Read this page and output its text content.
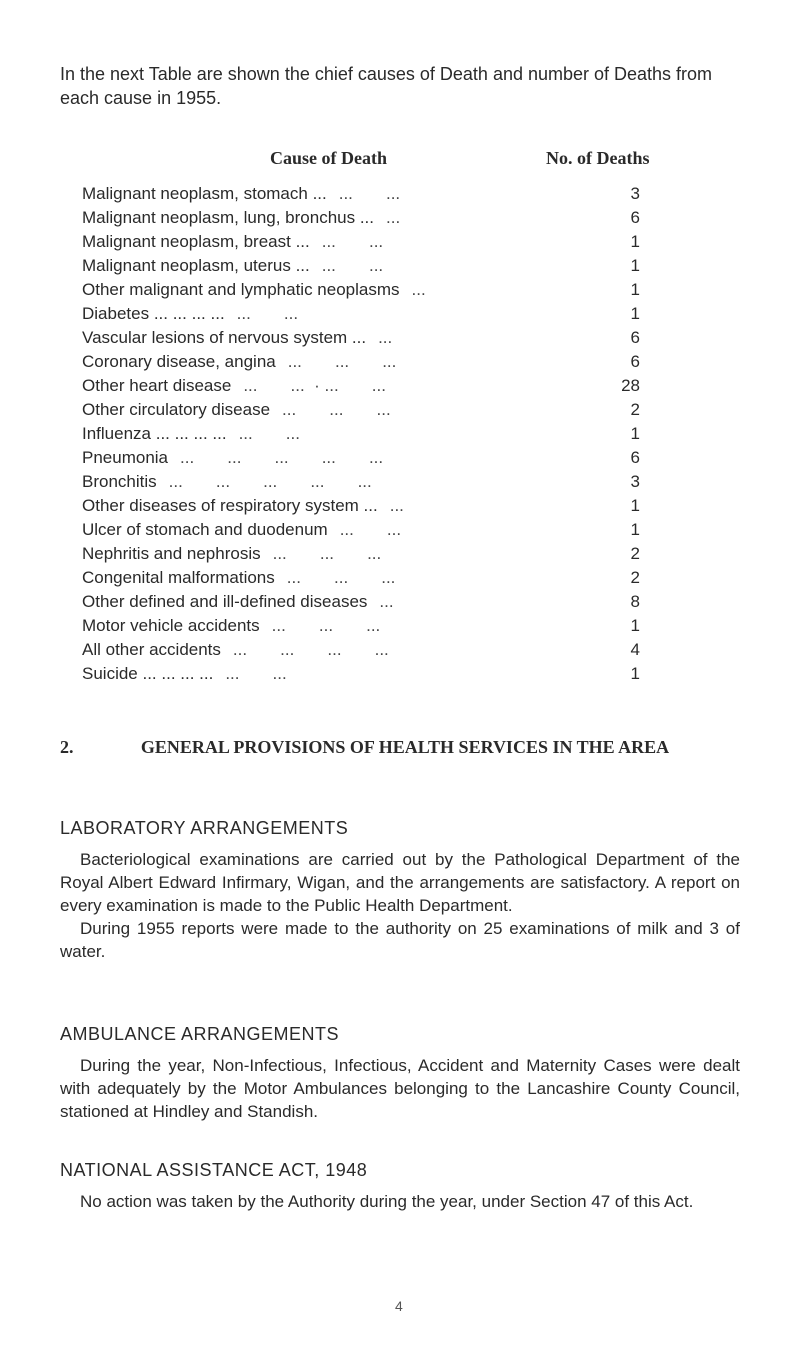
In the next Table are shown the chief causes of Death and number of Deaths from each cause in 1955.
Cause of Death	No. of Deaths
Malignant neoplasm, stomach ... ...       ...	3
Malignant neoplasm, lung, bronchus ... ...	6
Malignant neoplasm, breast ... ...       ...	1
Malignant neoplasm, uterus ... ...       ...	1
Other malignant and lymphatic neoplasms ...	1
Diabetes ... ... ... ... ...       ...	1
Vascular lesions of nervous system ... ...	6
Coronary disease, angina ...       ...       ...	6
Other heart disease ...       ...  · ...       ...	28
Other circulatory disease ...       ...       ...	2
Influenza ... ... ... ... ...       ...	1
Pneumonia ...       ...       ...       ...       ...	6
Bronchitis ...       ...       ...       ...       ...	3
Other diseases of respiratory system ... ...	1
Ulcer of stomach and duodenum ...       ...	1
Nephritis and nephrosis ...       ...       ...	2
Congenital malformations ...       ...       ...	2
Other defined and ill-defined diseases ...	8
Motor vehicle accidents ...       ...       ...	1
All other accidents ...       ...       ...       ...	4
Suicide ... ... ... ... ...       ...	1
2.	GENERAL PROVISIONS OF HEALTH SERVICES IN THE AREA
LABORATORY ARRANGEMENTS

Bacteriological examinations are carried out by the Pathological Department of the Royal Albert Edward Infirmary, Wigan, and the arrangements are satisfactory. A report on every examination is made to the Public Health Department.

During 1955 reports were made to the authority on 25 examinations of milk and 3 of water.

AMBULANCE ARRANGEMENTS

During the year, Non-Infectious, Infectious, Accident and Maternity Cases were dealt with adequately by the Motor Ambulances belonging to the Lancashire County Council, stationed at Hindley and Standish.

NATIONAL ASSISTANCE ACT, 1948

No action was taken by the Authority during the year, under Section 47 of this Act.

4
